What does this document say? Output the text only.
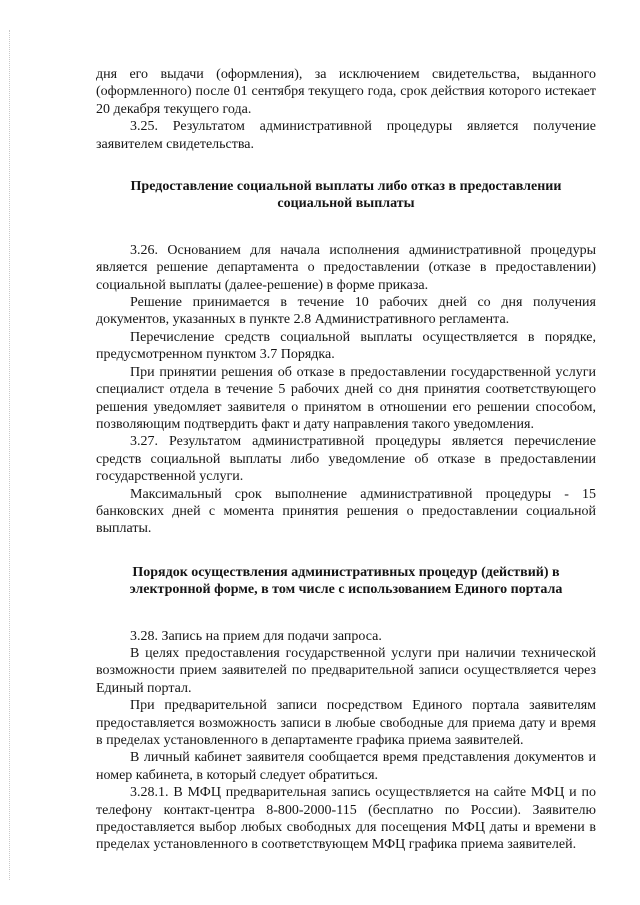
дня его выдачи (оформления), за исключением свидетельства, выданного (оформленного) после 01 сентября текущего года, срок действия которого истекает 20 декабря текущего года.

3.25. Результатом административной процедуры является получение заявителем свидетельства.

Предоставление социальной выплаты либо отказ в предоставлении социальной выплаты

3.26. Основанием для начала исполнения административной процедуры является решение департамента о предоставлении (отказе в предоставлении) социальной выплаты (далее-решение) в форме приказа.

Решение принимается в течение 10 рабочих дней со дня получения документов, указанных в пункте 2.8 Административного регламента.

Перечисление средств социальной выплаты осуществляется в порядке, предусмотренном пунктом 3.7 Порядка.

При принятии решения об отказе в предоставлении государственной услуги специалист отдела в течение 5 рабочих дней со дня принятия соответствующего решения уведомляет заявителя о принятом в отношении его решении способом, позволяющим подтвердить факт и дату направления такого уведомления.

3.27. Результатом административной процедуры является перечисление средств социальной выплаты либо уведомление об отказе в предоставлении государственной услуги.

Максимальный срок выполнение административной процедуры - 15 банковских дней с момента принятия решения о предоставлении социальной выплаты.

Порядок осуществления административных процедур (действий) в электронной форме, в том числе с использованием Единого портала

3.28. Запись на прием для подачи запроса.

В целях предоставления государственной услуги при наличии технической возможности прием заявителей по предварительной записи осуществляется через Единый портал.

При предварительной записи посредством Единого портала заявителям предоставляется возможность записи в любые свободные для приема дату и время в пределах установленного в департаменте графика приема заявителей.

В личный кабинет заявителя сообщается время представления документов и номер кабинета, в который следует обратиться.

3.28.1. В МФЦ предварительная запись осуществляется на сайте МФЦ и по телефону контакт-центра 8-800-2000-115 (бесплатно по России). Заявителю предоставляется выбор любых свободных для посещения МФЦ даты и времени в пределах установленного в соответствующем МФЦ графика приема заявителей.
